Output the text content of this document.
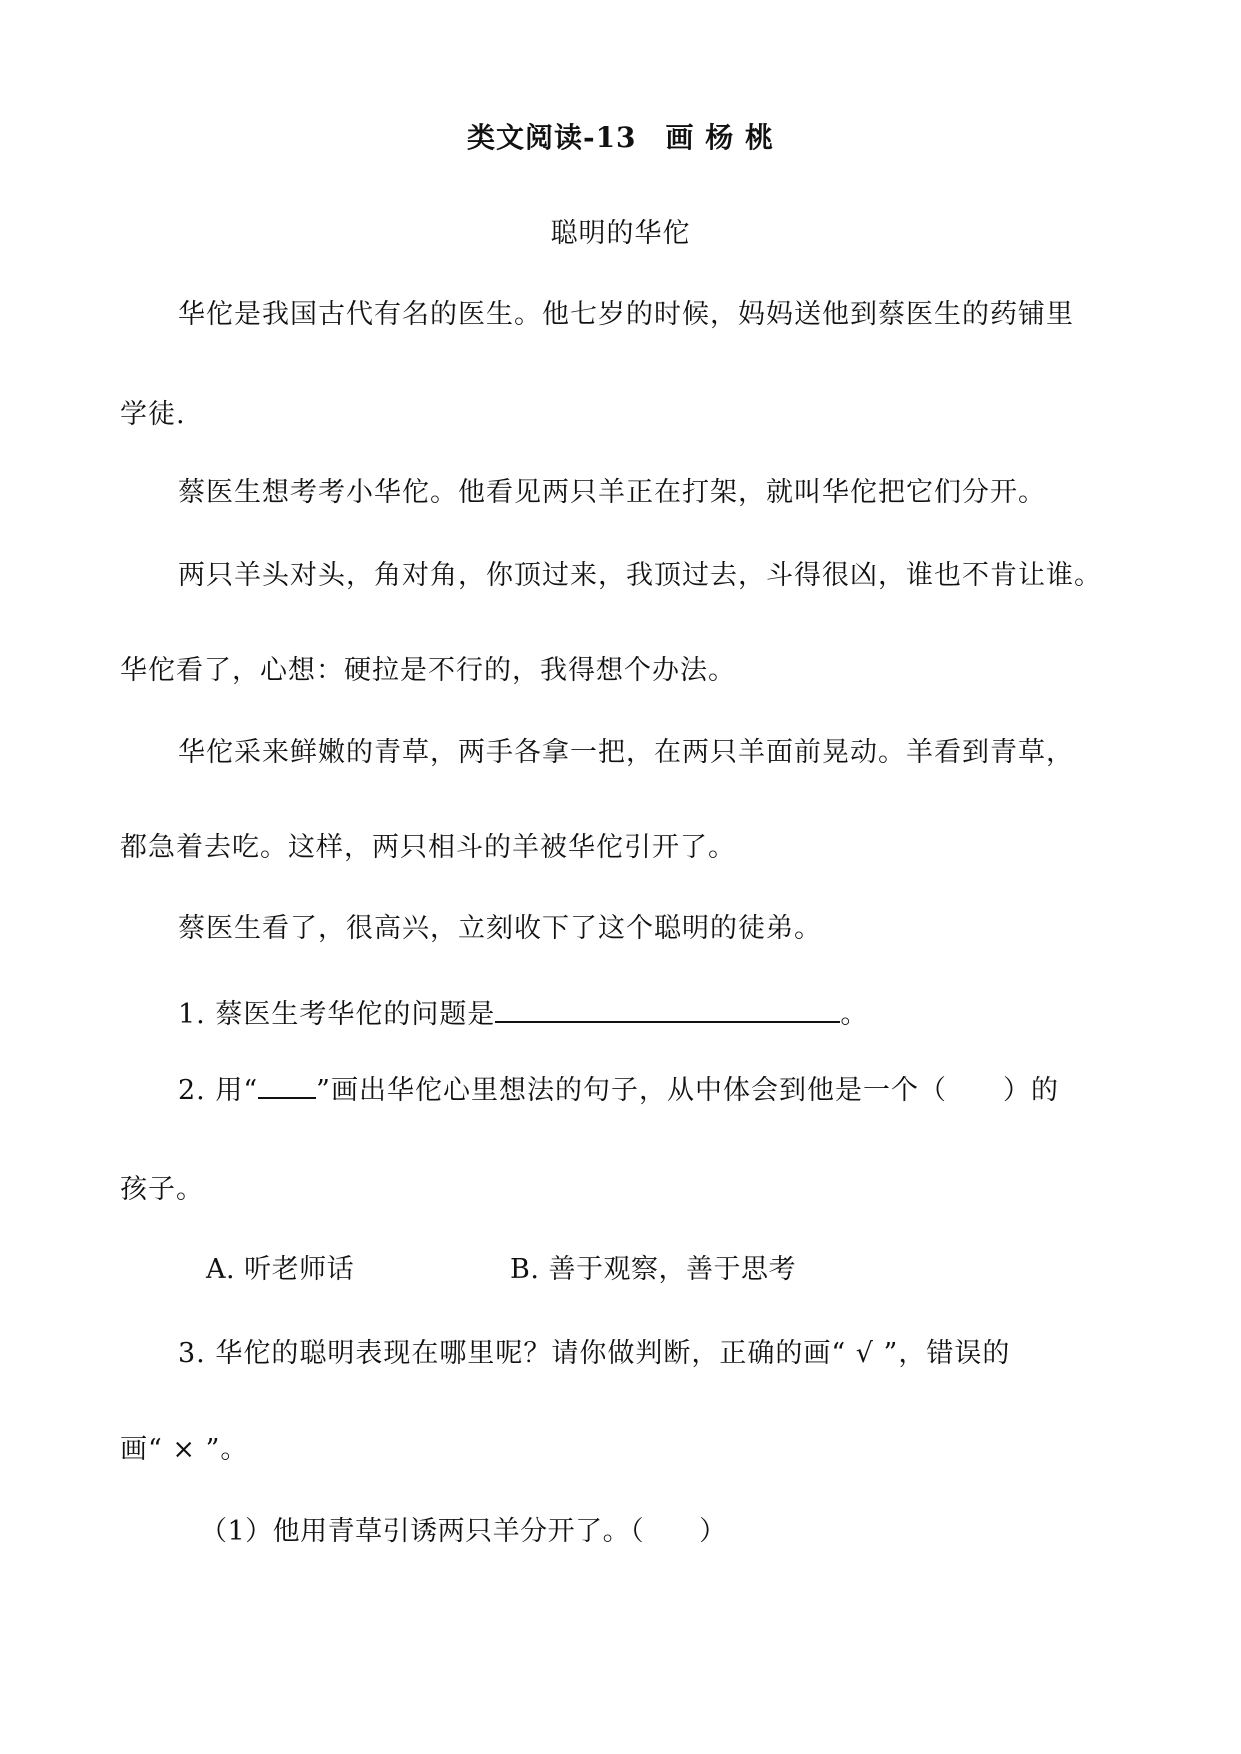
类文阅读-13　画 杨 桃
聪明的华佗
华佗是我国古代有名的医生。他七岁的时候，妈妈送他到蔡医生的药铺里
学徒.
蔡医生想考考小华佗。他看见两只羊正在打架，就叫华佗把它们分开。
两只羊头对头，角对角，你顶过来，我顶过去，斗得很凶，谁也不肯让谁。
华佗看了，心想：硬拉是不行的，我得想个办法。
华佗采来鲜嫩的青草，两手各拿一把，在两只羊面前晃动。羊看到青草，
都急着去吃。这样，两只相斗的羊被华佗引开了。
蔡医生看了，很高兴，立刻收下了这个聪明的徒弟。
1. 蔡医生考华佗的问题是	。
2. 用“ ”画出华佗心里想法的句子，从中体会到他是一个（　　）的
孩子。
A. 听老师话	B. 善于观察，善于思考
3. 华佗的聪明表现在哪里呢？请你做判断，正确的画“ √ ”，错误的
画“ × ”。
（1）他用青草引诱两只羊分开了。（　　）
